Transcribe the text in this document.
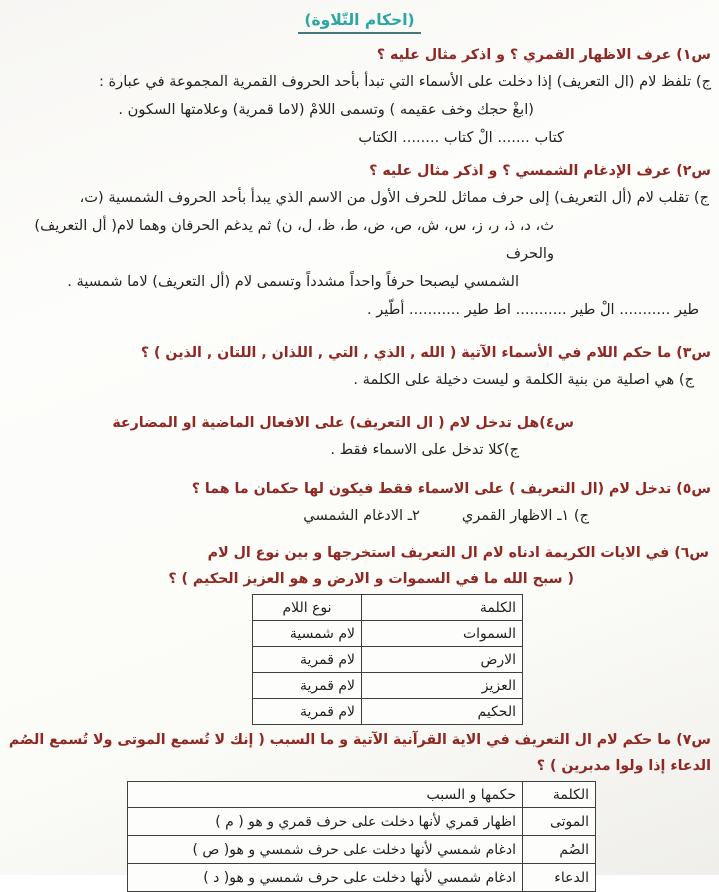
(احكام التّلاوة)
س١) عرف الاظهار القمري ؟ و اذكر مثال عليه ؟
ج) تلفظ لام (ال التعريف) إذا دخلت على الأسماء التي تبدأ بأحد الحروف القمرية المجموعة في عبارة :
(ابغْ حجك وخف عقيمه ) وتسمى اللامْ (لاما قمرية) وعلامتها السكون .
كتاب ....... الْ كتاب ........ الكتاب
س٢) عرف الإدغام الشمسي ؟ و اذكر مثال عليه ؟
ج) تقلب لام (أل التعريف) إلى حرف مماثل للحرف الأول من الاسم الذي يبدأ بأحد الحروف الشمسية (ت،
ث، د، ذ، ر، ز، س، ش، ص، ض، ط، ظ، ل، ن) ثم يدغم الحرفان وهما لام( أل التعريف) والحرف
الشمسي ليصبحا حرفاً واحداً مشدداً وتسمى لام (أل التعريف) لاما شمسية .
طير ........... الْ طير ........... اط طير ........... أطّير .
س٣) ما حكم اللام في الأسماء الآتية ( الله , الذي , التي , اللذان , اللتان , الذين ) ؟
ج) هي اصلية من بنية الكلمة و ليست دخيلة على الكلمة .
س٤)هل تدخل لام ( ال التعريف) على الافعال الماضية او المضارعة
ج)كلا تدخل على الاسماء فقط .
س٥) تدخل لام (ال التعريف ) على الاسماء فقط فيكون لها حكمان ما هما ؟
ج) ١ـ الاظهار القمري٢ـ الادغام الشمسي
س٦) في الايات الكريمة ادناه لام ال التعريف استخرجها و بين نوع ال لام
( سبح الله ما في السموات و الارض و هو العزيز الحكيم ) ؟
الكلمة	نوع اللام
السموات	لام شمسية
الارض	لام قمرية
العزيز	لام قمرية
الحكيم	لام قمرية
س٧) ما حكم لام ال التعريف في الاية القرآنية الآتية و ما السبب ( إنك لا تُسمع الموتى ولا تُسمع الصُم
الدعاء إذا ولوا مدبرين ) ؟
الكلمة	حكمها و السبب
الموتى	اظهار قمري لأنها دخلت على حرف قمري و هو ( م )
الصُم	ادغام شمسي لأنها دخلت على حرف شمسي و هو( ص )
الدعاء	ادغام شمسي لأنها دخلت على حرف شمسي و هو( د )
